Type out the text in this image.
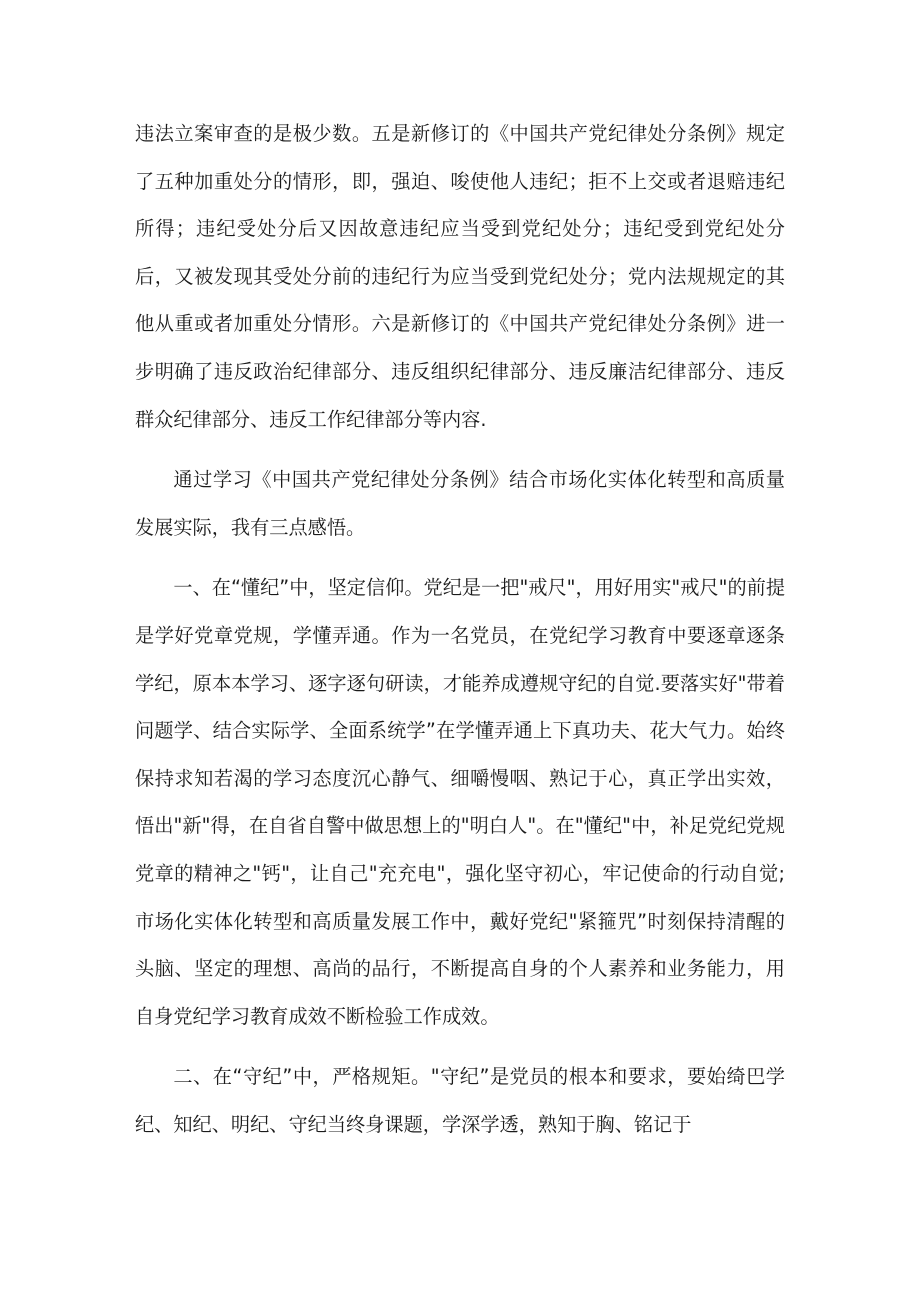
违法立案审查的是极少数。五是新修订的《中国共产党纪律处分条例》规定了五种加重处分的情形，即，强迫、唆使他人违纪；拒不上交或者退赔违纪所得；违纪受处分后又因故意违纪应当受到党纪处分；违纪受到党纪处分后，又被发现其受处分前的违纪行为应当受到党纪处分；党内法规规定的其他从重或者加重处分情形。六是新修订的《中国共产党纪律处分条例》进一步明确了违反政治纪律部分、违反组织纪律部分、违反廉洁纪律部分、违反群众纪律部分、违反工作纪律部分等内容.

通过学习《中国共产党纪律处分条例》结合市场化实体化转型和高质量发展实际，我有三点感悟。

一、在“懂纪”中，坚定信仰。党纪是一把"戒尺"，用好用实"戒尺"的前提是学好党章党规，学懂弄通。作为一名党员，在党纪学习教育中要逐章逐条学纪，原本本学习、逐字逐句研读，才能养成遵规守纪的自觉.要落实好"带着问题学、结合实际学、全面系统学”在学懂弄通上下真功夫、花大气力。始终保持求知若渴的学习态度沉心静气、细嚼慢咽、熟记于心，真正学出实效，悟出"新"得，在自省自警中做思想上的"明白人"。在"懂纪"中，补足党纪党规党章的精神之"钙"，让自己"充充电"，强化坚守初心，牢记使命的行动自觉;市场化实体化转型和高质量发展工作中，戴好党纪"紧箍咒”时刻保持清醒的头脑、坚定的理想、高尚的品行，不断提高自身的个人素养和业务能力，用自身党纪学习教育成效不断检验工作成效。

二、在“守纪”中，严格规矩。"守纪”是党员的根本和要求，要始绮巴学纪、知纪、明纪、守纪当终身课题，学深学透，熟知于胸、铭记于
